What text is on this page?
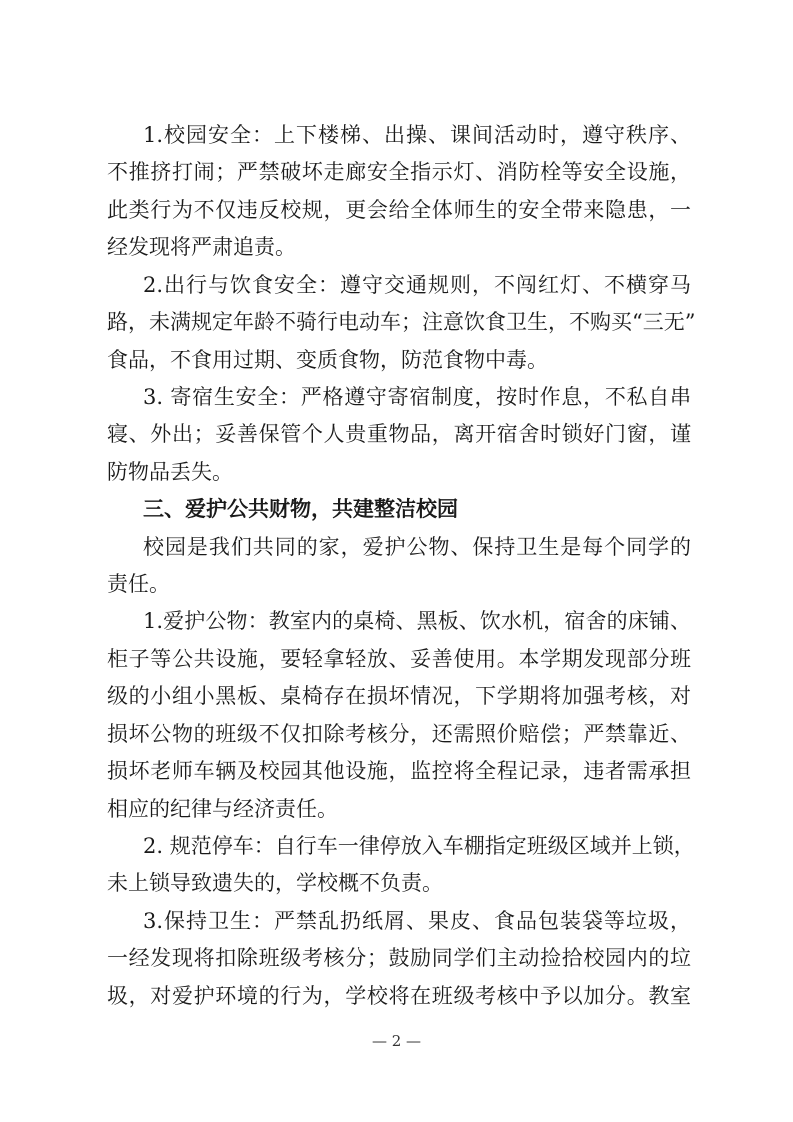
1.校园安全：上下楼梯、出操、课间活动时，遵守秩序、
不推挤打闹；严禁破坏走廊安全指示灯、消防栓等安全设施，
此类行为不仅违反校规，更会给全体师生的安全带来隐患，一
经发现将严肃追责。
2.出行与饮食安全：遵守交通规则，不闯红灯、不横穿马
路，未满规定年龄不骑行电动车；注意饮食卫生，不购买“三无”
食品，不食用过期、变质食物，防范食物中毒。
3. 寄宿生安全：严格遵守寄宿制度，按时作息，不私自串
寝、外出；妥善保管个人贵重物品，离开宿舍时锁好门窗，谨
防物品丢失。
三、爱护公共财物，共建整洁校园
校园是我们共同的家，爱护公物、保持卫生是每个同学的
责任。
1.爱护公物：教室内的桌椅、黑板、饮水机，宿舍的床铺、
柜子等公共设施，要轻拿轻放、妥善使用。本学期发现部分班
级的小组小黑板、桌椅存在损坏情况，下学期将加强考核，对
损坏公物的班级不仅扣除考核分，还需照价赔偿；严禁靠近、
损坏老师车辆及校园其他设施，监控将全程记录，违者需承担
相应的纪律与经济责任。
2. 规范停车：自行车一律停放入车棚指定班级区域并上锁，
未上锁导致遗失的，学校概不负责。
3.保持卫生：严禁乱扔纸屑、果皮、食品包装袋等垃圾，
一经发现将扣除班级考核分；鼓励同学们主动捡拾校园内的垃
圾，对爱护环境的行为，学校将在班级考核中予以加分。教室
— 2 —
